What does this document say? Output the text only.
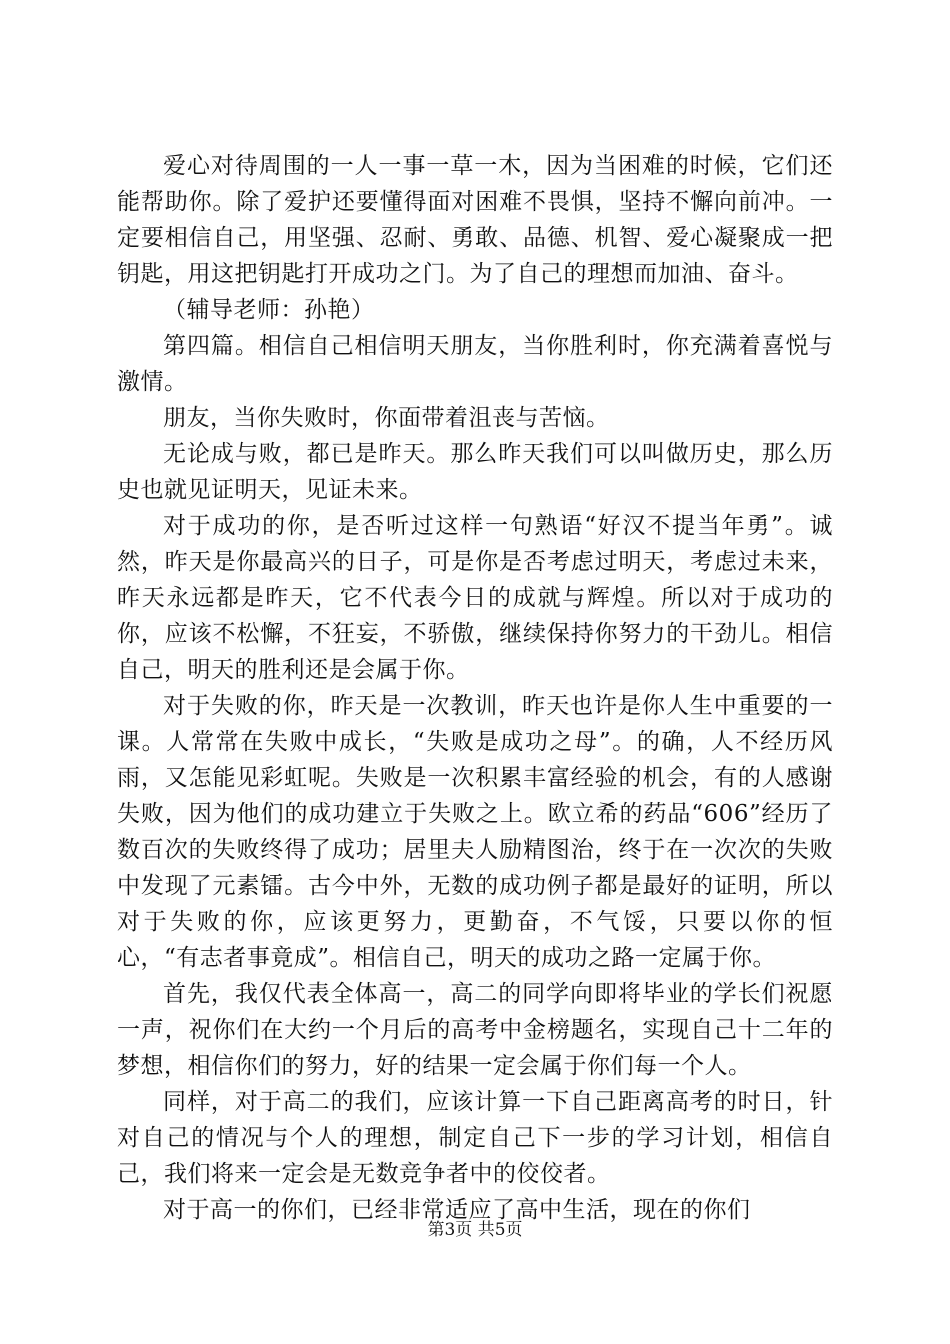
爱心对待周围的一人一事一草一木，因为当困难的时候，它们还能帮助你。除了爱护还要懂得面对困难不畏惧，坚持不懈向前冲。一定要相信自己，用坚强、忍耐、勇敢、品德、机智、爱心凝聚成一把钥匙，用这把钥匙打开成功之门。为了自己的理想而加油、奋斗。

（辅导老师：孙艳）

第四篇。相信自己相信明天朋友，当你胜利时，你充满着喜悦与激情。

朋友，当你失败时，你面带着沮丧与苦恼。

无论成与败，都已是昨天。那么昨天我们可以叫做历史，那么历史也就见证明天，见证未来。

对于成功的你，是否听过这样一句熟语“好汉不提当年勇”。诚然，昨天是你最高兴的日子，可是你是否考虑过明天，考虑过未来，昨天永远都是昨天，它不代表今日的成就与辉煌。所以对于成功的你，应该不松懈，不狂妄，不骄傲，继续保持你努力的干劲儿。相信自己，明天的胜利还是会属于你。

对于失败的你，昨天是一次教训，昨天也许是你人生中重要的一课。人常常在失败中成长，“失败是成功之母”。的确，人不经历风雨，又怎能见彩虹呢。失败是一次积累丰富经验的机会，有的人感谢失败，因为他们的成功建立于失败之上。欧立希的药品“606”经历了数百次的失败终得了成功；居里夫人励精图治，终于在一次次的失败中发现了元素镭。古今中外，无数的成功例子都是最好的证明，所以对于失败的你，应该更努力，更勤奋，不气馁，只要以你的恒心，“有志者事竟成”。相信自己，明天的成功之路一定属于你。

首先，我仅代表全体高一，高二的同学向即将毕业的学长们祝愿一声，祝你们在大约一个月后的高考中金榜题名，实现自己十二年的梦想，相信你们的努力，好的结果一定会属于你们每一个人。

同样，对于高二的我们，应该计算一下自己距离高考的时日，针对自己的情况与个人的理想，制定自己下一步的学习计划，相信自己，我们将来一定会是无数竞争者中的佼佼者。

对于高一的你们，已经非常适应了高中生活，现在的你们

第3页 共5页
